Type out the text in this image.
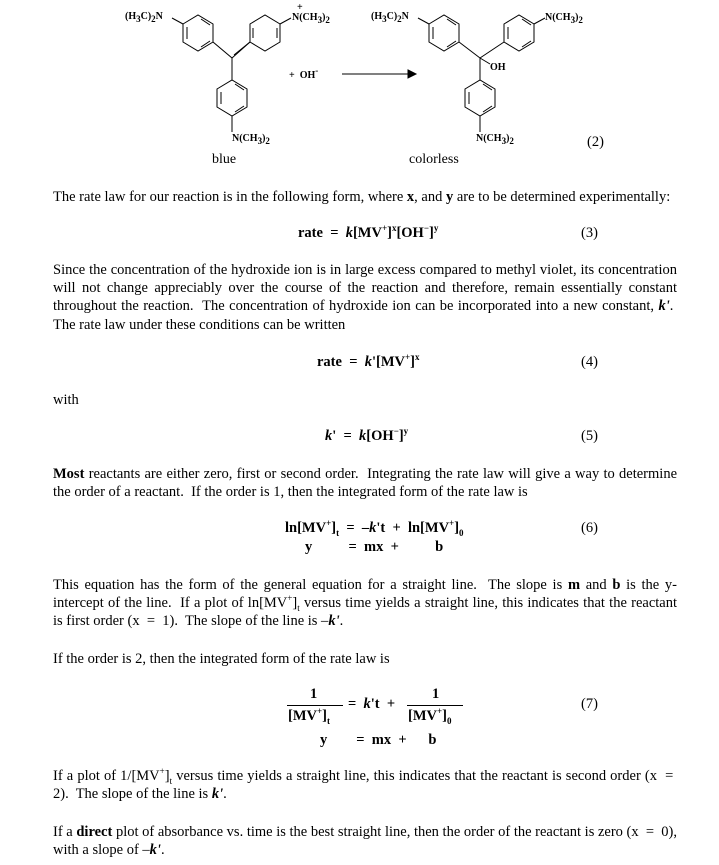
$(H_3C)_2N$
+
$N(CH_3)_2$
$N(CH_3)_2$
+  OH-
$(H_3C)_2N$	$N(CH_3)_2$
OH
$N(CH_3)_2$
blue	colorless
(2)
The rate law for our reaction is in the following form, where x, and y are to be determined experimentally:
rate  =  $k[MV^+]^x[OH^-]^y$	(3)
Since the concentration of the hydroxide ion is in large excess compared to methyl violet, its concentration will not change appreciably over the course of the reaction and therefore, remain essentially constant throughout the reaction.  The concentration of hydroxide ion can be incorporated into a new constant, k'.  The rate law under these conditions can be written
rate  =  $k'[MV^+]^x$	(4)
with
$k' = k[OH^-]^y$	(5)
Most reactants are either zero, first or second order.  Integrating the rate law will give a way to determine the order of a reactant.  If the order is 1, then the integrated form of the rate law is
$\ln[MV^+]_t = -k't + \ln[MV^+]_0$
y          =  mx  +          b
(6)
This equation has the form of the general equation for a straight line.  The slope is m and b is the y-intercept of the line.  If a plot of $\ln[MV^+]_t$ versus time yields a straight line, this indicates that the reactant is first order (x  =  1).  The slope of the line is –k'.
If the order is 2, then the integrated form of the rate law is
1
$[MV^+]_t$
=  k't  +
1
$[MV^+]_0$
y        =  mx  +      b
(7)
If a plot of $1/[MV^+]_t$ versus time yields a straight line, this indicates that the reactant is second order (x  =  2).  The slope of the line is k'.
If a direct plot of absorbance vs. time is the best straight line, then the order of the reactant is zero (x  =  0), with a slope of –k'.
